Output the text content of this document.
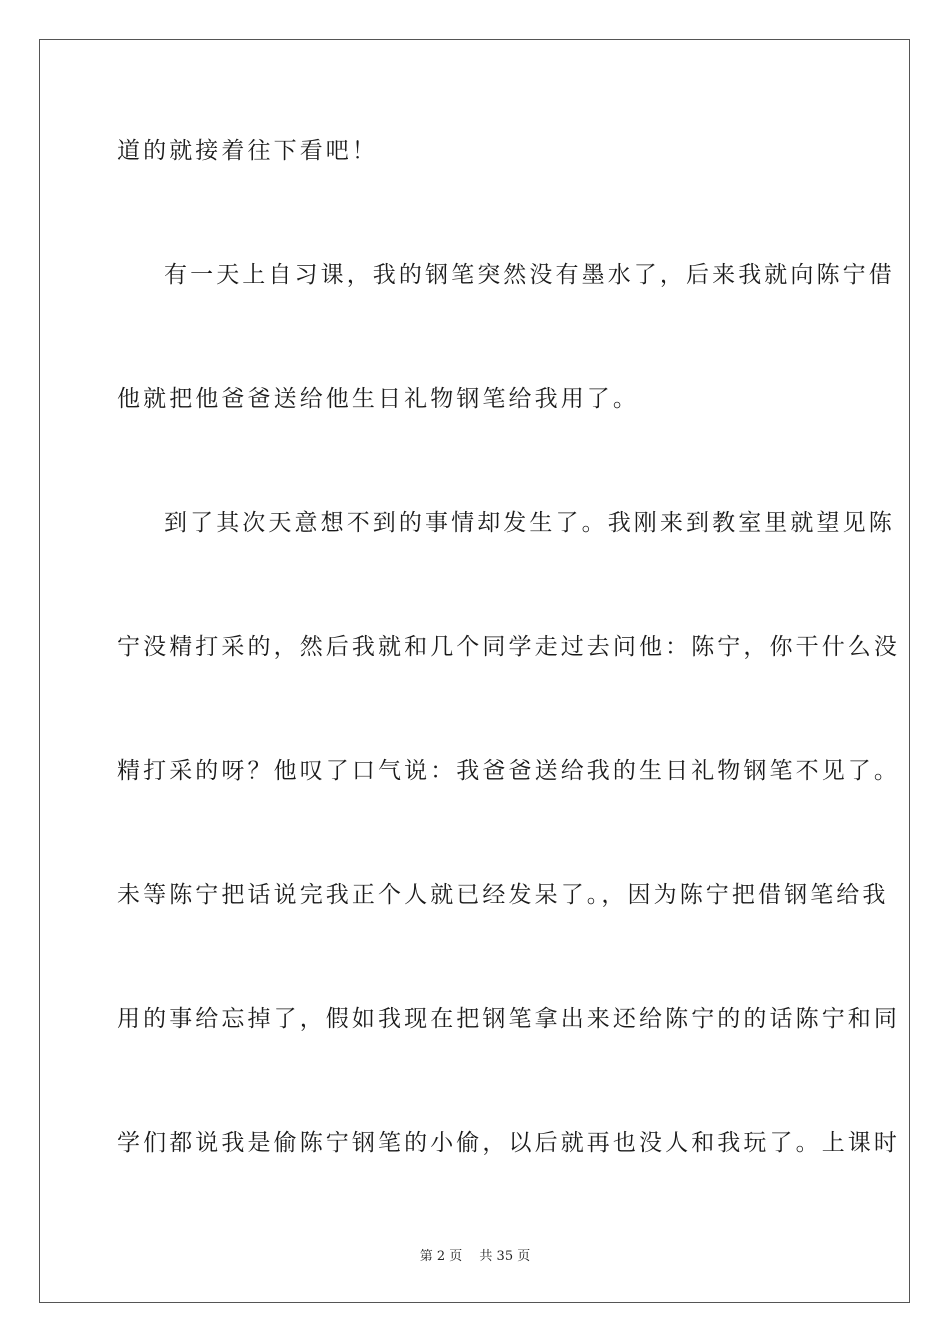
道的就接着往下看吧！
有一天上自习课，我的钢笔突然没有墨水了，后来我就向陈宁借
他就把他爸爸送给他生日礼物钢笔给我用了。
到了其次天意想不到的事情却发生了。我刚来到教室里就望见陈
宁没精打采的，然后我就和几个同学走过去问他：陈宁，你干什么没
精打采的呀？他叹了口气说：我爸爸送给我的生日礼物钢笔不见了。
未等陈宁把话说完我正个人就已经发呆了。，因为陈宁把借钢笔给我
用的事给忘掉了，假如我现在把钢笔拿出来还给陈宁的的话陈宁和同
学们都说我是偷陈宁钢笔的小偷，以后就再也没人和我玩了。上课时
第 2 页　 共 35 页
